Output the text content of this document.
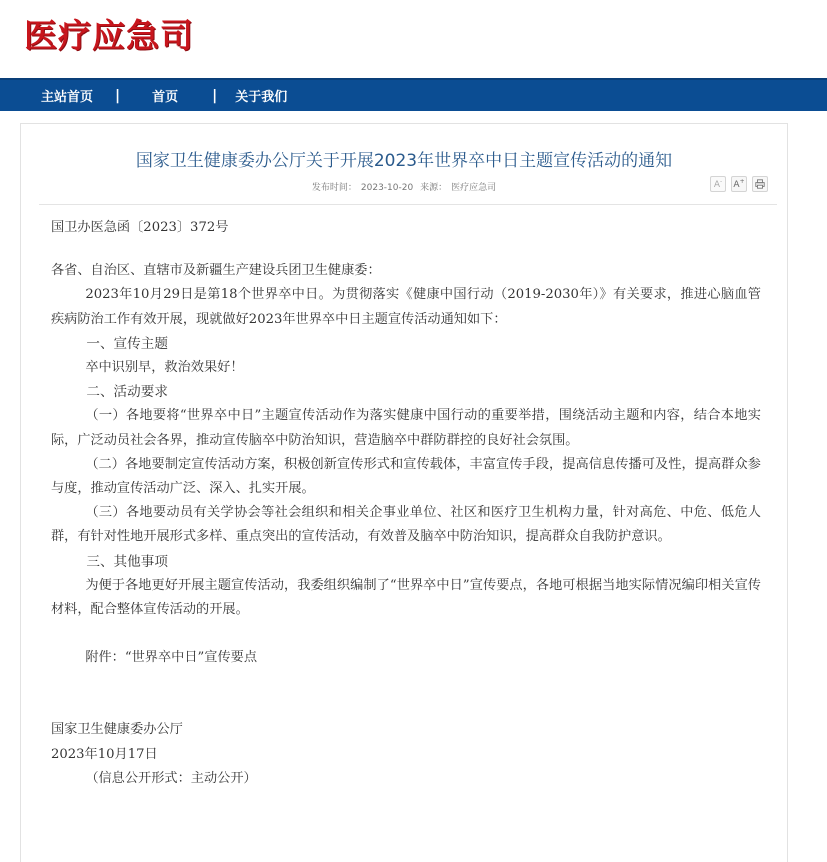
医疗应急司
主站首页 | 首页 | 关于我们
国家卫生健康委办公厅关于开展2023年世界卒中日主题宣传活动的通知
发布时间： 2023-10-20 来源： 医疗应急司	A- A+

国卫办医急函〔2023〕372号

各省、自治区、直辖市及新疆生产建设兵团卫生健康委：

2023年10月29日是第18个世界卒中日。为贯彻落实《健康中国行动（2019-2030年）》有关要求，推进心脑血管疾病防治工作有效开展，现就做好2023年世界卒中日主题宣传活动通知如下：

一、宣传主题

卒中识别早，救治效果好！

二、活动要求

（一）各地要将“世界卒中日”主题宣传活动作为落实健康中国行动的重要举措，围绕活动主题和内容，结合本地实际，广泛动员社会各界，推动宣传脑卒中防治知识，营造脑卒中群防群控的良好社会氛围。

（二）各地要制定宣传活动方案，积极创新宣传形式和宣传载体，丰富宣传手段，提高信息传播可及性，提高群众参与度，推动宣传活动广泛、深入、扎实开展。

（三）各地要动员有关学协会等社会组织和相关企事业单位、社区和医疗卫生机构力量，针对高危、中危、低危人群，有针对性地开展形式多样、重点突出的宣传活动，有效普及脑卒中防治知识，提高群众自我防护意识。

三、其他事项

为便于各地更好开展主题宣传活动，我委组织编制了“世界卒中日”宣传要点，各地可根据当地实际情况编印相关宣传材料，配合整体宣传活动的开展。

附件：“世界卒中日”宣传要点

国家卫生健康委办公厅

2023年10月17日

（信息公开形式：主动公开）
